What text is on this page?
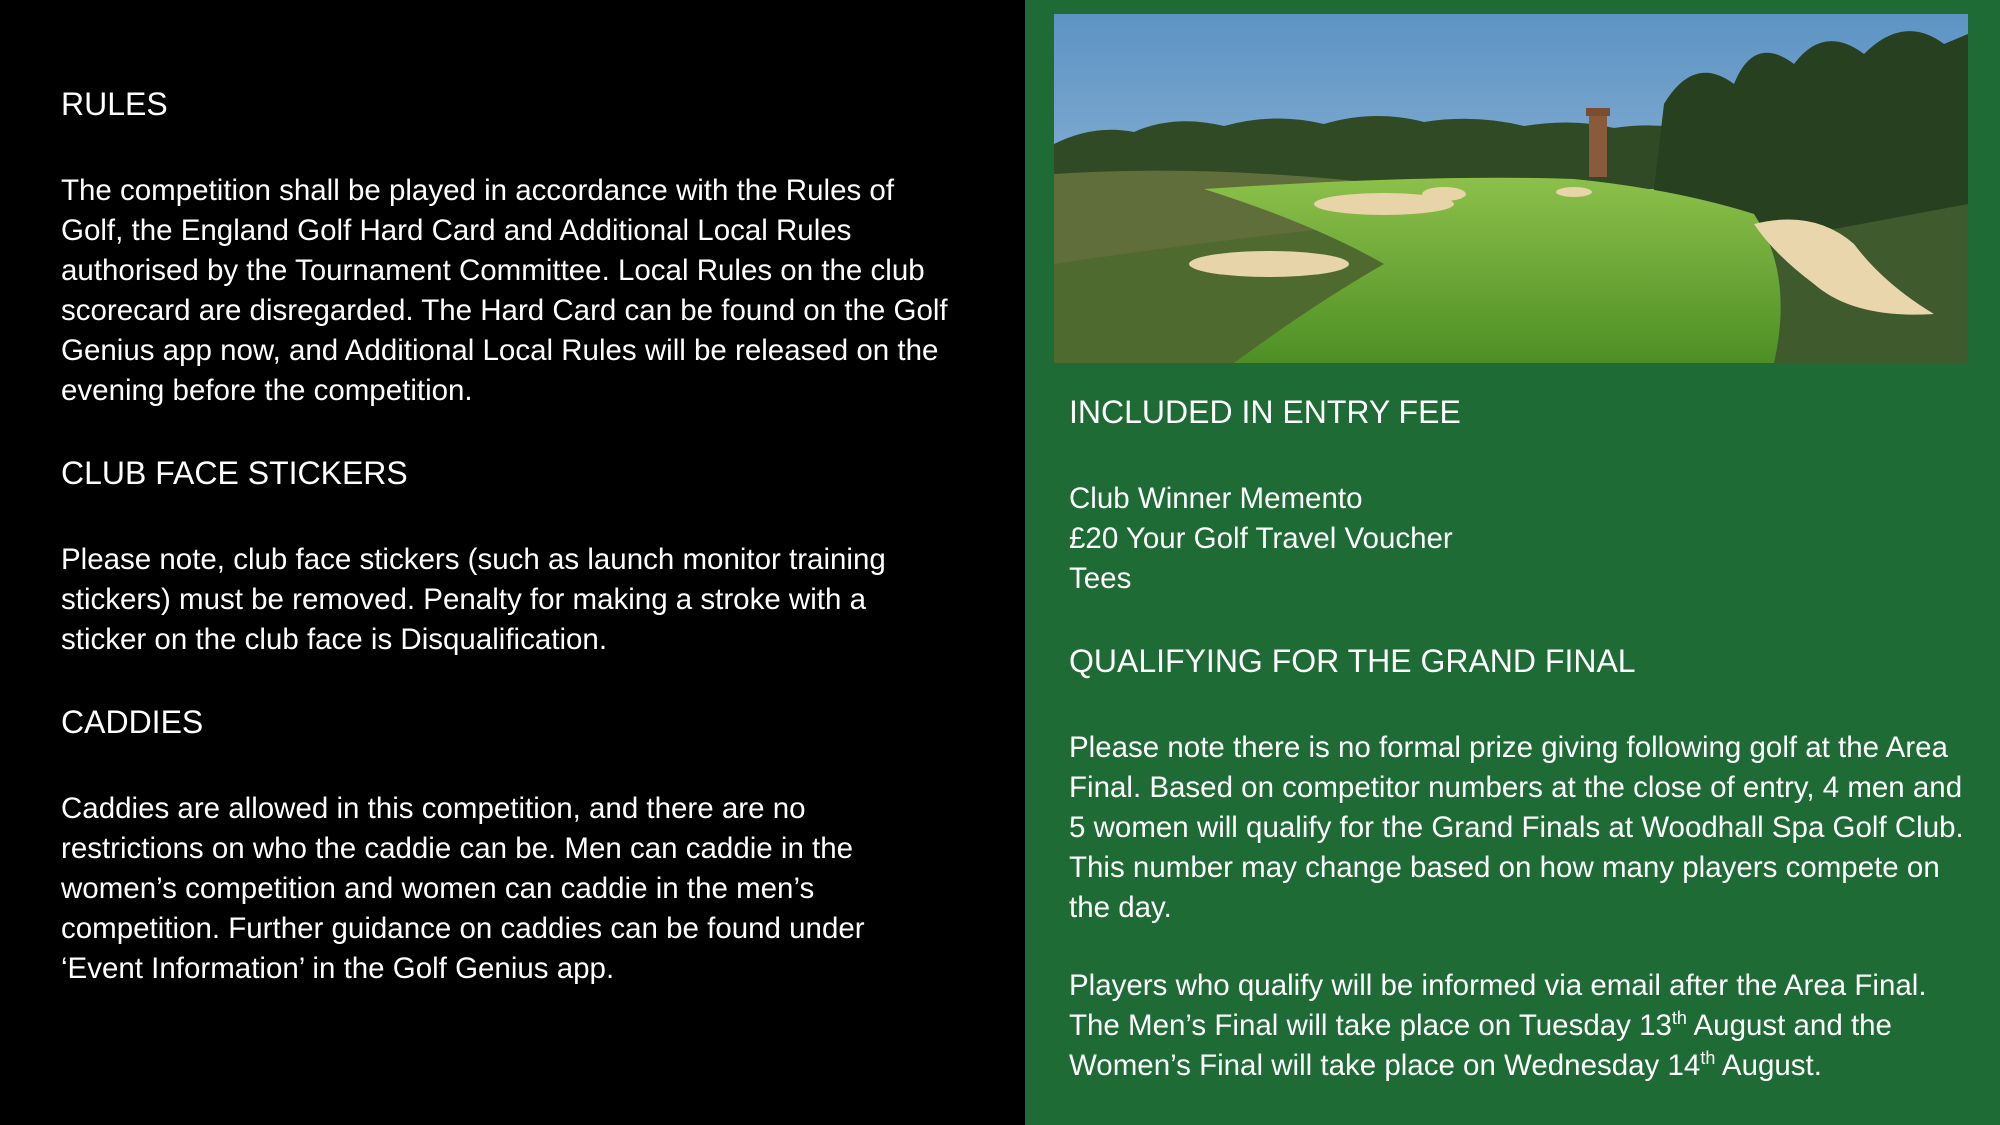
RULES

The competition shall be played in accordance with the Rules of Golf, the England Golf Hard Card and Additional Local Rules authorised by the Tournament Committee. Local Rules on the club scorecard are disregarded. The Hard Card can be found on the Golf Genius app now, and Additional Local Rules will be released on the evening before the competition.

CLUB FACE STICKERS

Please note, club face stickers (such as launch monitor training stickers) must be removed. Penalty for making a stroke with a sticker on the club face is Disqualification.

CADDIES

Caddies are allowed in this competition, and there are no restrictions on who the caddie can be. Men can caddie in the women’s competition and women can caddie in the men’s competition. Further guidance on caddies can be found under ‘Event Information’ in the Golf Genius app.

INCLUDED IN ENTRY FEE

Club Winner Memento
£20 Your Golf Travel Voucher
Tees

QUALIFYING FOR THE GRAND FINAL

Please note there is no formal prize giving following golf at the Area Final. Based on competitor numbers at the close of entry, 4 men and 5 women will qualify for the Grand Finals at Woodhall Spa Golf Club. This number may change based on how many players compete on the day.

Players who qualify will be informed via email after the Area Final. The Men’s Final will take place on Tuesday 13th August and the Women’s Final will take place on Wednesday 14th August.
